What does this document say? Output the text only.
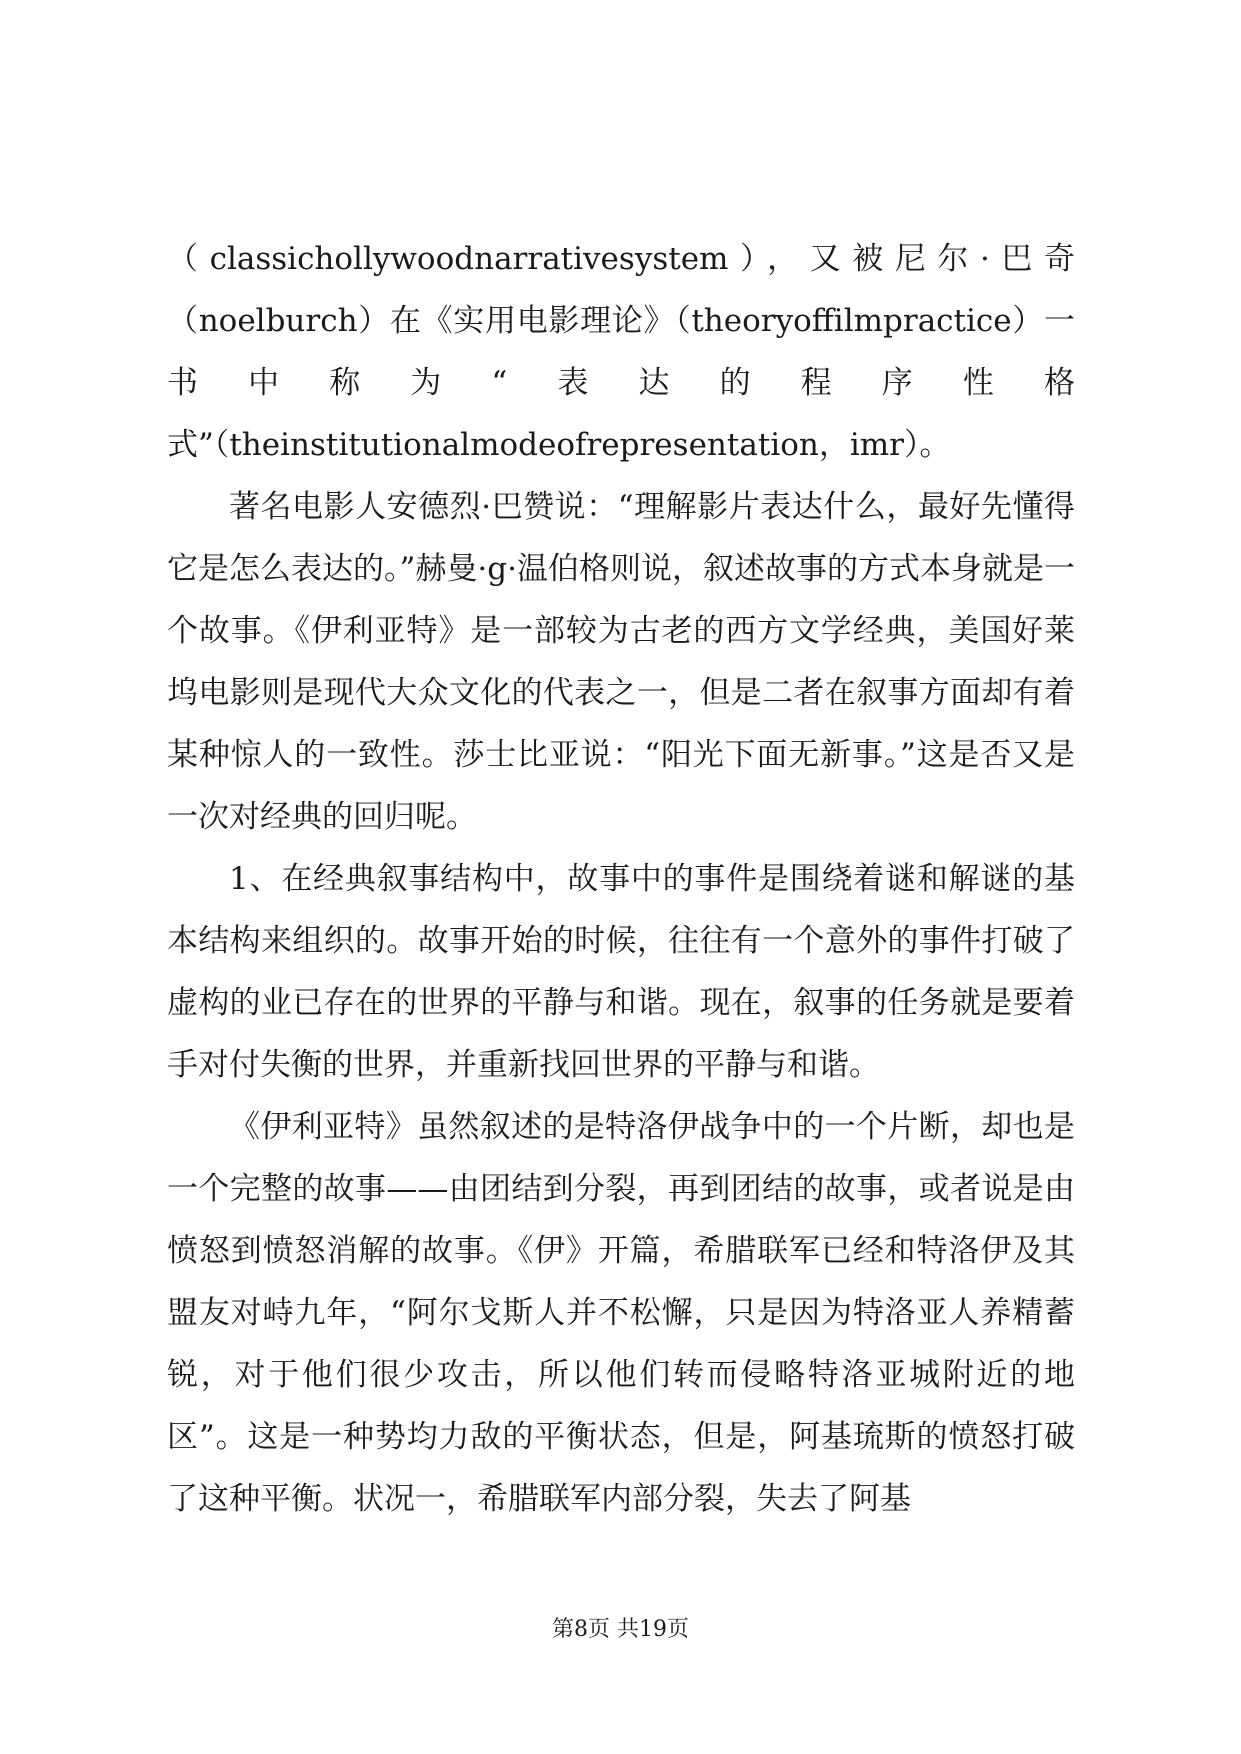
（classichollywoodnarrativesystem），又被尼尔·巴奇（noelburch）在《实用电影理论》（theoryoffilmpractice）一书中称为“表达的程序性格式”（theinstitutionalmodeofrepresentation，imr）。

著名电影人安德烈·巴赞说：“理解影片表达什么，最好先懂得它是怎么表达的。”赫曼·g·温伯格则说，叙述故事的方式本身就是一个故事。《伊利亚特》是一部较为古老的西方文学经典，美国好莱坞电影则是现代大众文化的代表之一，但是二者在叙事方面却有着某种惊人的一致性。莎士比亚说：“阳光下面无新事。”这是否又是一次对经典的回归呢。

1、在经典叙事结构中，故事中的事件是围绕着谜和解谜的基本结构来组织的。故事开始的时候，往往有一个意外的事件打破了虚构的业已存在的世界的平静与和谐。现在，叙事的任务就是要着手对付失衡的世界，并重新找回世界的平静与和谐。

《伊利亚特》虽然叙述的是特洛伊战争中的一个片断，却也是一个完整的故事——由团结到分裂，再到团结的故事，或者说是由愤怒到愤怒消解的故事。《伊》开篇，希腊联军已经和特洛伊及其盟友对峙九年，“阿尔戈斯人并不松懈，只是因为特洛亚人养精蓄锐，对于他们很少攻击，所以他们转而侵略特洛亚城附近的地区”。这是一种势均力敌的平衡状态，但是，阿基琉斯的愤怒打破了这种平衡。状况一，希腊联军内部分裂，失去了阿基

第8页 共19页
